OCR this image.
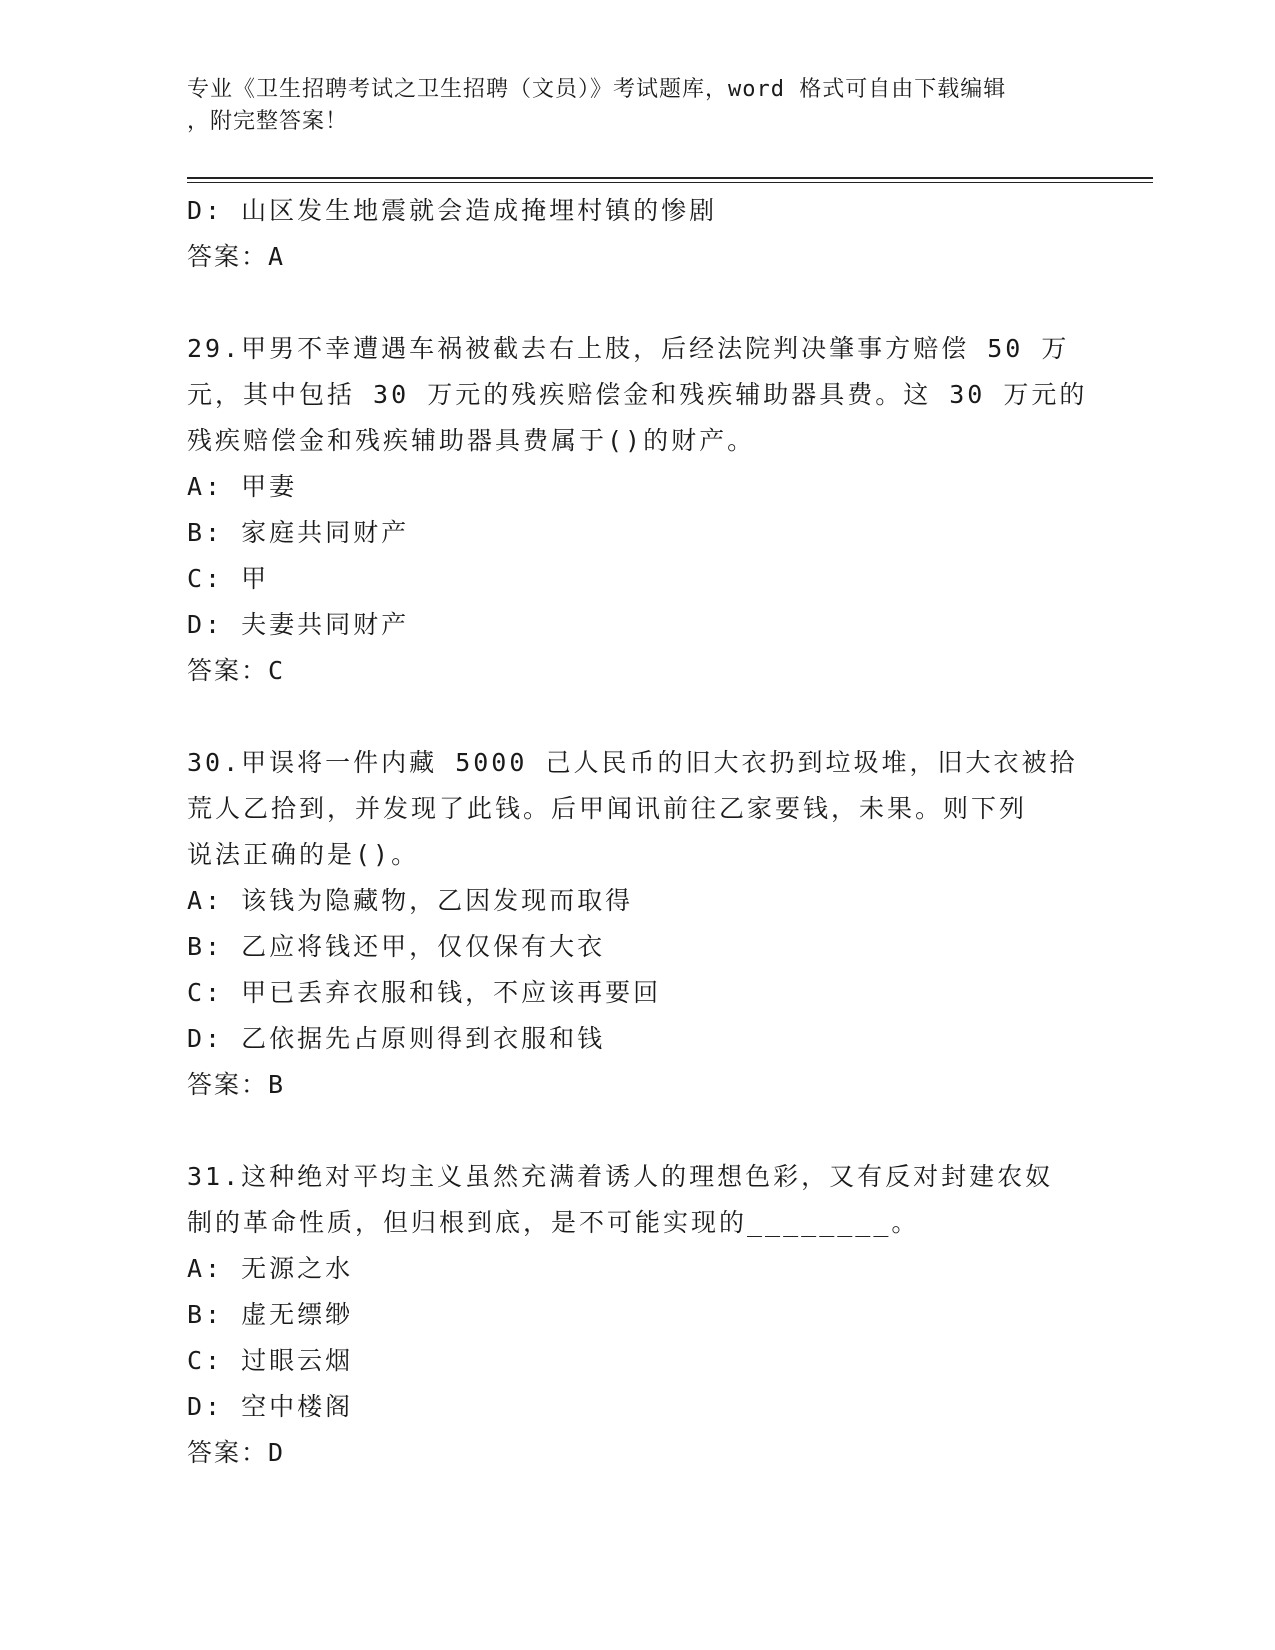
专业《卫生招聘考试之卫生招聘（文员）》考试题库，word 格式可自由下载编辑
，附完整答案！
D: 山区发生地震就会造成掩埋村镇的惨剧
答案：A
29.甲男不幸遭遇车祸被截去右上肢，后经法院判决肇事方赔偿 50 万
元，其中包括 30 万元的残疾赔偿金和残疾辅助器具费。这 30 万元的
残疾赔偿金和残疾辅助器具费属于()的财产。
A: 甲妻
B: 家庭共同财产
C: 甲
D: 夫妻共同财产
答案：C
30.甲误将一件内藏 5000 己人民币的旧大衣扔到垃圾堆，旧大衣被拾
荒人乙拾到，并发现了此钱。后甲闻讯前往乙家要钱，未果。则下列
说法正确的是()。
A: 该钱为隐藏物，乙因发现而取得
B: 乙应将钱还甲，仅仅保有大衣
C: 甲已丢弃衣服和钱，不应该再要回
D: 乙依据先占原则得到衣服和钱
答案：B
31.这种绝对平均主义虽然充满着诱人的理想色彩，又有反对封建农奴
制的革命性质，但归根到底，是不可能实现的________。
A: 无源之水
B: 虚无缥缈
C: 过眼云烟
D: 空中楼阁
答案：D
